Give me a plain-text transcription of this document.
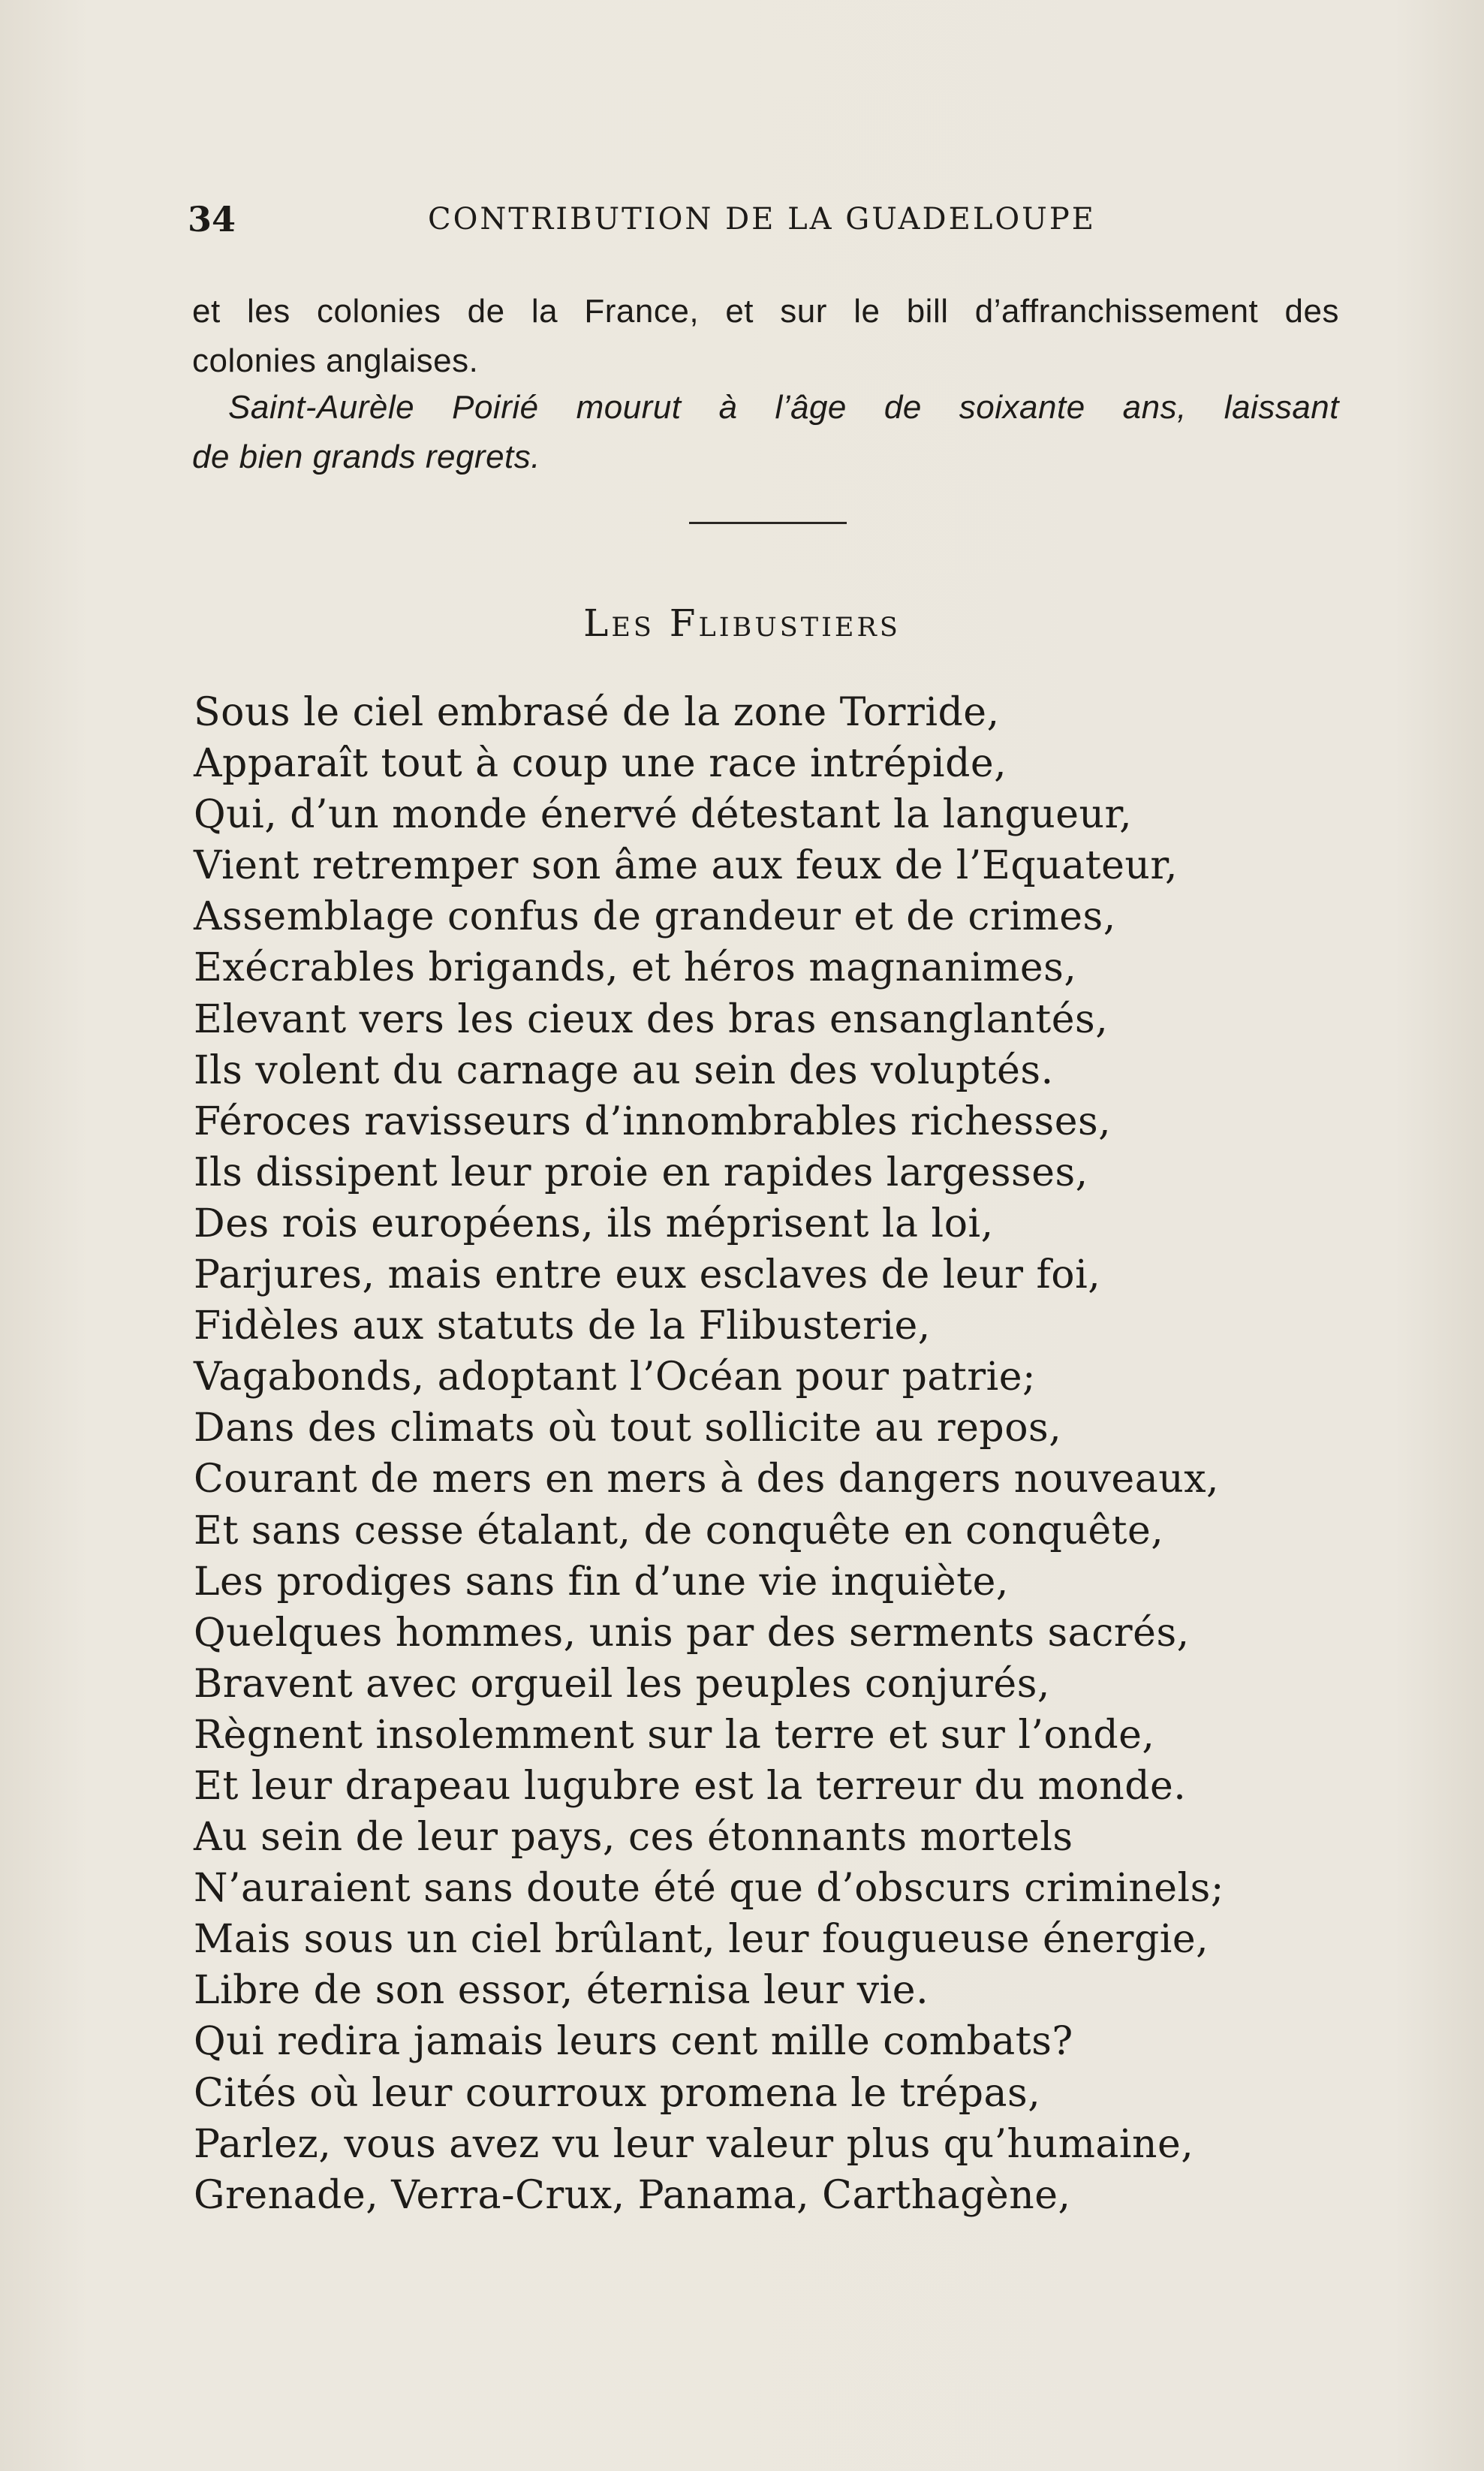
34	CONTRIBUTION DE LA GUADELOUPE
et les colonies de la France, et sur le bill d’affranchissement des
colonies anglaises.
Saint-Aurèle Poirié mourut à l’âge de soixante ans, laissant
de bien grands regrets.
Les Flibustiers
Sous le ciel embrasé de la zone Torride,
Apparaît tout à coup une race intrépide,
Qui, d’un monde énervé détestant la langueur,
Vient retremper son âme aux feux de l’Equateur,
Assemblage confus de grandeur et de crimes,
Exécrables brigands, et héros magnanimes,
Elevant vers les cieux des bras ensanglantés,
Ils volent du carnage au sein des voluptés.
Féroces ravisseurs d’innombrables richesses,
Ils dissipent leur proie en rapides largesses,
Des rois européens, ils méprisent la loi,
Parjures, mais entre eux esclaves de leur foi,
Fidèles aux statuts de la Flibusterie,
Vagabonds, adoptant l’Océan pour patrie;
Dans des climats où tout sollicite au repos,
Courant de mers en mers à des dangers nouveaux,
Et sans cesse étalant, de conquête en conquête,
Les prodiges sans fin d’une vie inquiète,
Quelques hommes, unis par des serments sacrés,
Bravent avec orgueil les peuples conjurés,
Règnent insolemment sur la terre et sur l’onde,
Et leur drapeau lugubre est la terreur du monde.
Au sein de leur pays, ces étonnants mortels
N’auraient sans doute été que d’obscurs criminels;
Mais sous un ciel brûlant, leur fougueuse énergie,
Libre de son essor, éternisa leur vie.
Qui redira jamais leurs cent mille combats?
Cités où leur courroux promena le trépas,
Parlez, vous avez vu leur valeur plus qu’humaine,
Grenade, Verra-Crux, Panama, Carthagène,
